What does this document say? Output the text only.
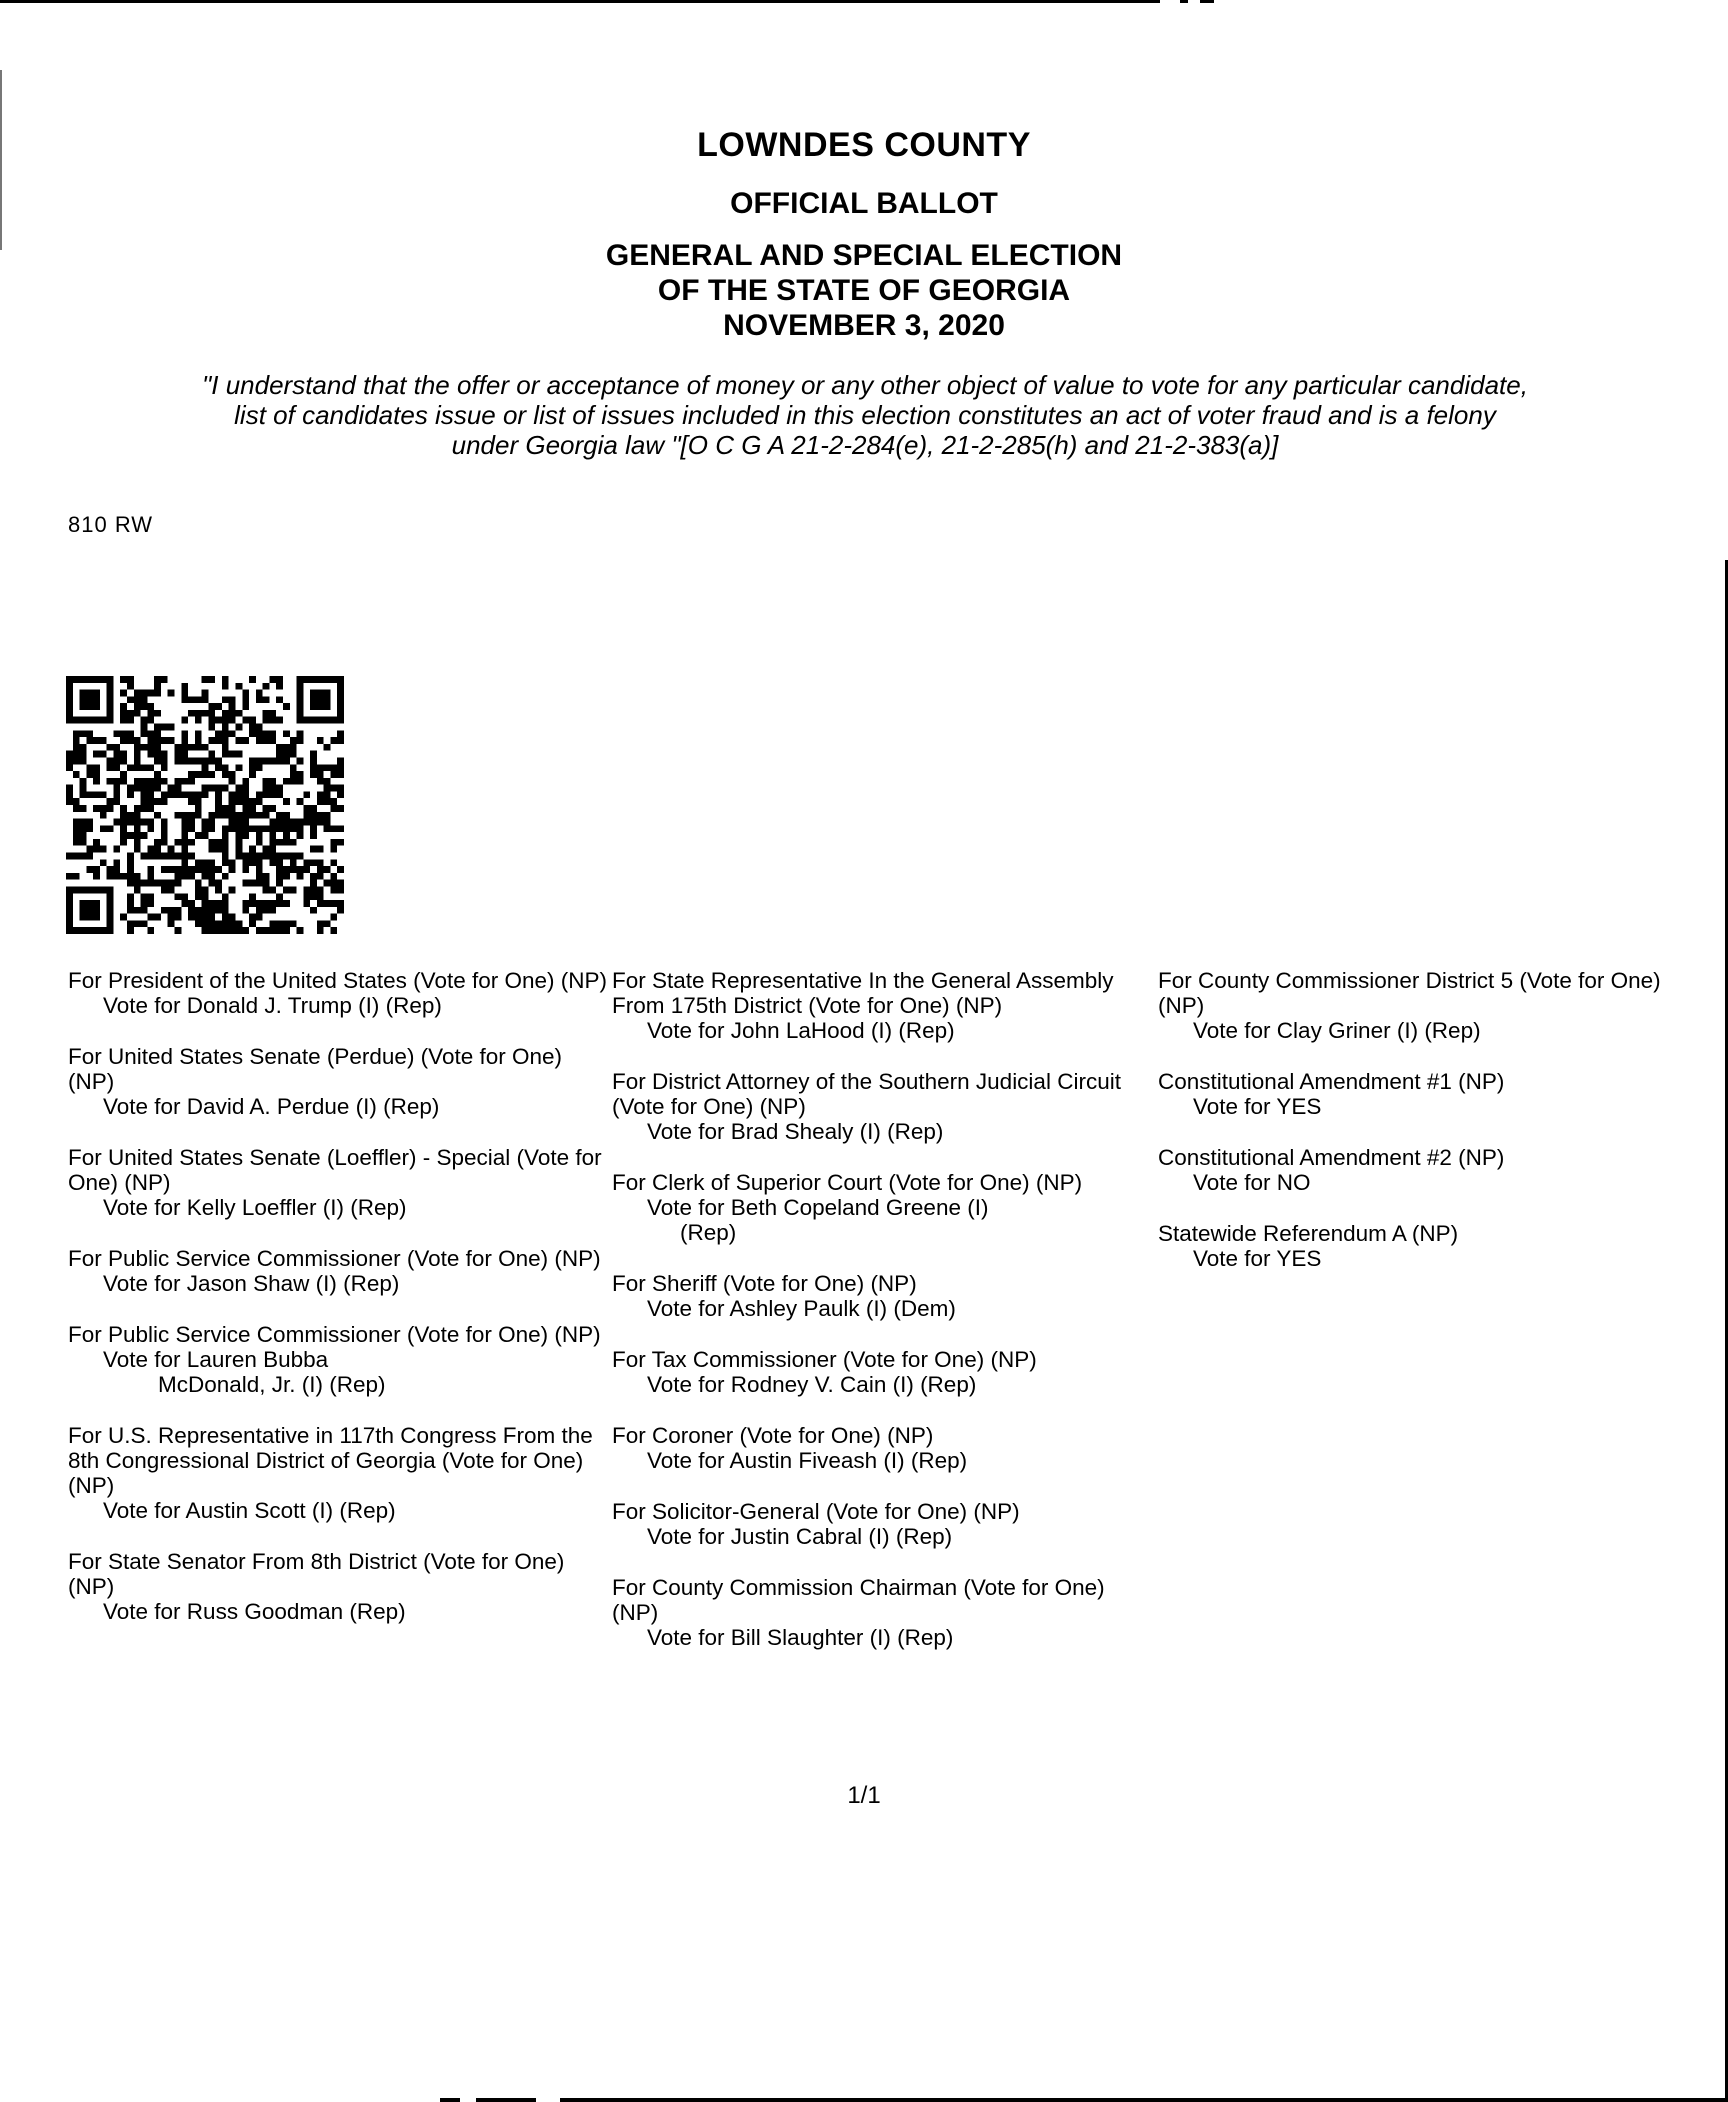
LOWNDES COUNTY
OFFICIAL BALLOT
GENERAL AND SPECIAL ELECTION
OF THE STATE OF GEORGIA
NOVEMBER 3, 2020
"I understand that the offer or acceptance of money or any other object of value to vote for any particular candidate,
list of candidates issue or list of issues included in this election constitutes an act of voter fraud and is a felony
under Georgia law "[O C G A 21-2-284(e), 21-2-285(h) and 21-2-383(a)]
810 RW
For President of the United States (Vote for One) (NP)
Vote for Donald J. Trump (I) (Rep)
For United States Senate (Perdue) (Vote for One) (NP)
Vote for David A. Perdue (I) (Rep)
For United States Senate (Loeffler) - Special (Vote for One) (NP)
Vote for Kelly Loeffler (I) (Rep)
For Public Service Commissioner (Vote for One) (NP)
Vote for Jason Shaw (I) (Rep)
For Public Service Commissioner (Vote for One) (NP)
Vote for Lauren Bubba
McDonald, Jr. (I) (Rep)
For U.S. Representative in 117th Congress From the 8th Congressional District of Georgia (Vote for One) (NP)
Vote for Austin Scott (I) (Rep)
For State Senator From 8th District (Vote for One) (NP)
Vote for Russ Goodman (Rep)
For State Representative In the General Assembly From 175th District (Vote for One) (NP)
Vote for John LaHood (I) (Rep)
For District Attorney of the Southern Judicial Circuit (Vote for One) (NP)
Vote for Brad Shealy (I) (Rep)
For Clerk of Superior Court (Vote for One) (NP)
Vote for Beth Copeland Greene (I)
(Rep)
For Sheriff (Vote for One) (NP)
Vote for Ashley Paulk (I) (Dem)
For Tax Commissioner (Vote for One) (NP)
Vote for Rodney V. Cain (I) (Rep)
For Coroner (Vote for One) (NP)
Vote for Austin Fiveash (I) (Rep)
For Solicitor-General (Vote for One) (NP)
Vote for Justin Cabral (I) (Rep)
For County Commission Chairman (Vote for One) (NP)
Vote for Bill Slaughter (I) (Rep)
For County Commissioner District 5 (Vote for One) (NP)
Vote for Clay Griner (I) (Rep)
Constitutional Amendment #1 (NP)
Vote for YES
Constitutional Amendment #2 (NP)
Vote for NO
Statewide Referendum A (NP)
Vote for YES
1/1
